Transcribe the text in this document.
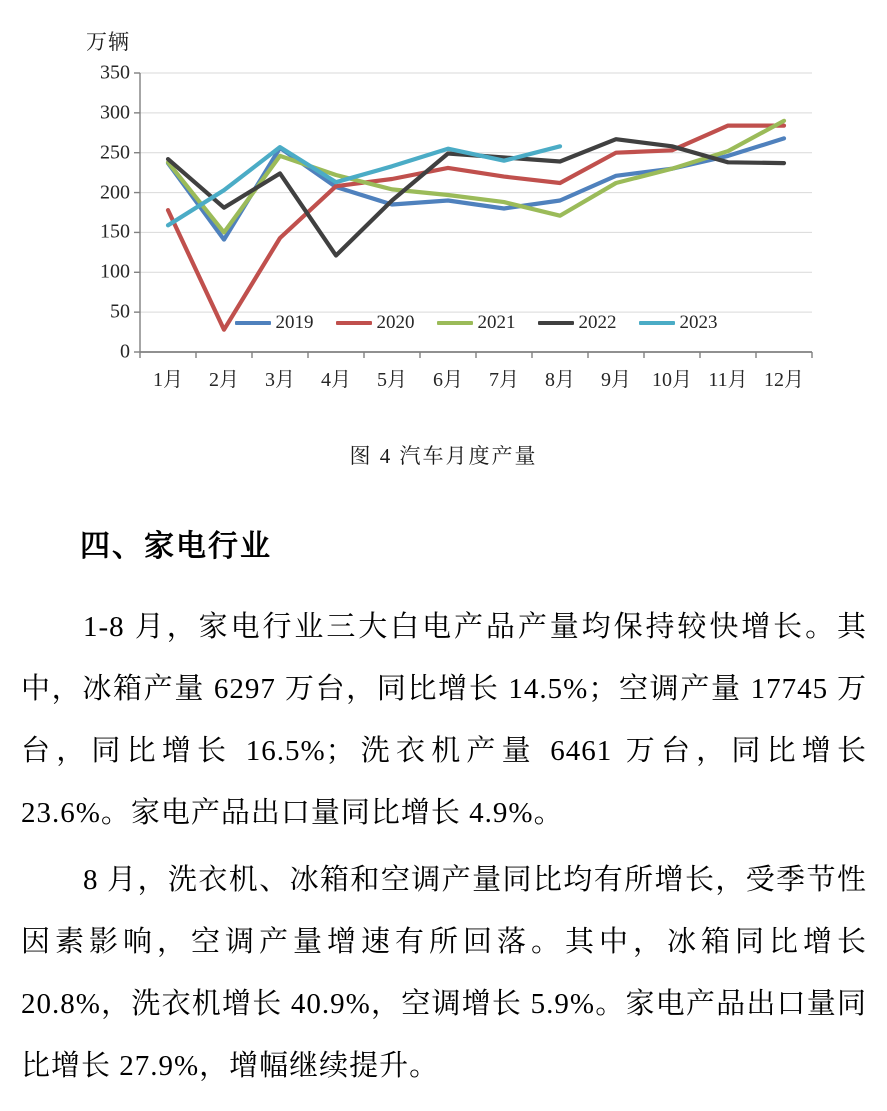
万辆
0
50
100
150
200
250
300
350
1月	2月	3月	4月	5月	6月	7月	8月	9月	10月 11月 12月
2019	2020	2021	2022	2023
图 4 汽车月度产量
四、家电行业

1-8 月，家电行业三大白电产品产量均保持较快增长。其中，冰箱产量 6297 万台，同比增长 14.5%；空调产量 17745 万台，同比增长 16.5%；洗衣机产量 6461 万台，同比增长 23.6%。家电产品出口量同比增长 4.9%。

8 月，洗衣机、冰箱和空调产量同比均有所增长，受季节性因素影响，空调产量增速有所回落。其中，冰箱同比增长 20.8%，洗衣机增长 40.9%，空调增长 5.9%。家电产品出口量同比增长 27.9%，增幅继续提升。
